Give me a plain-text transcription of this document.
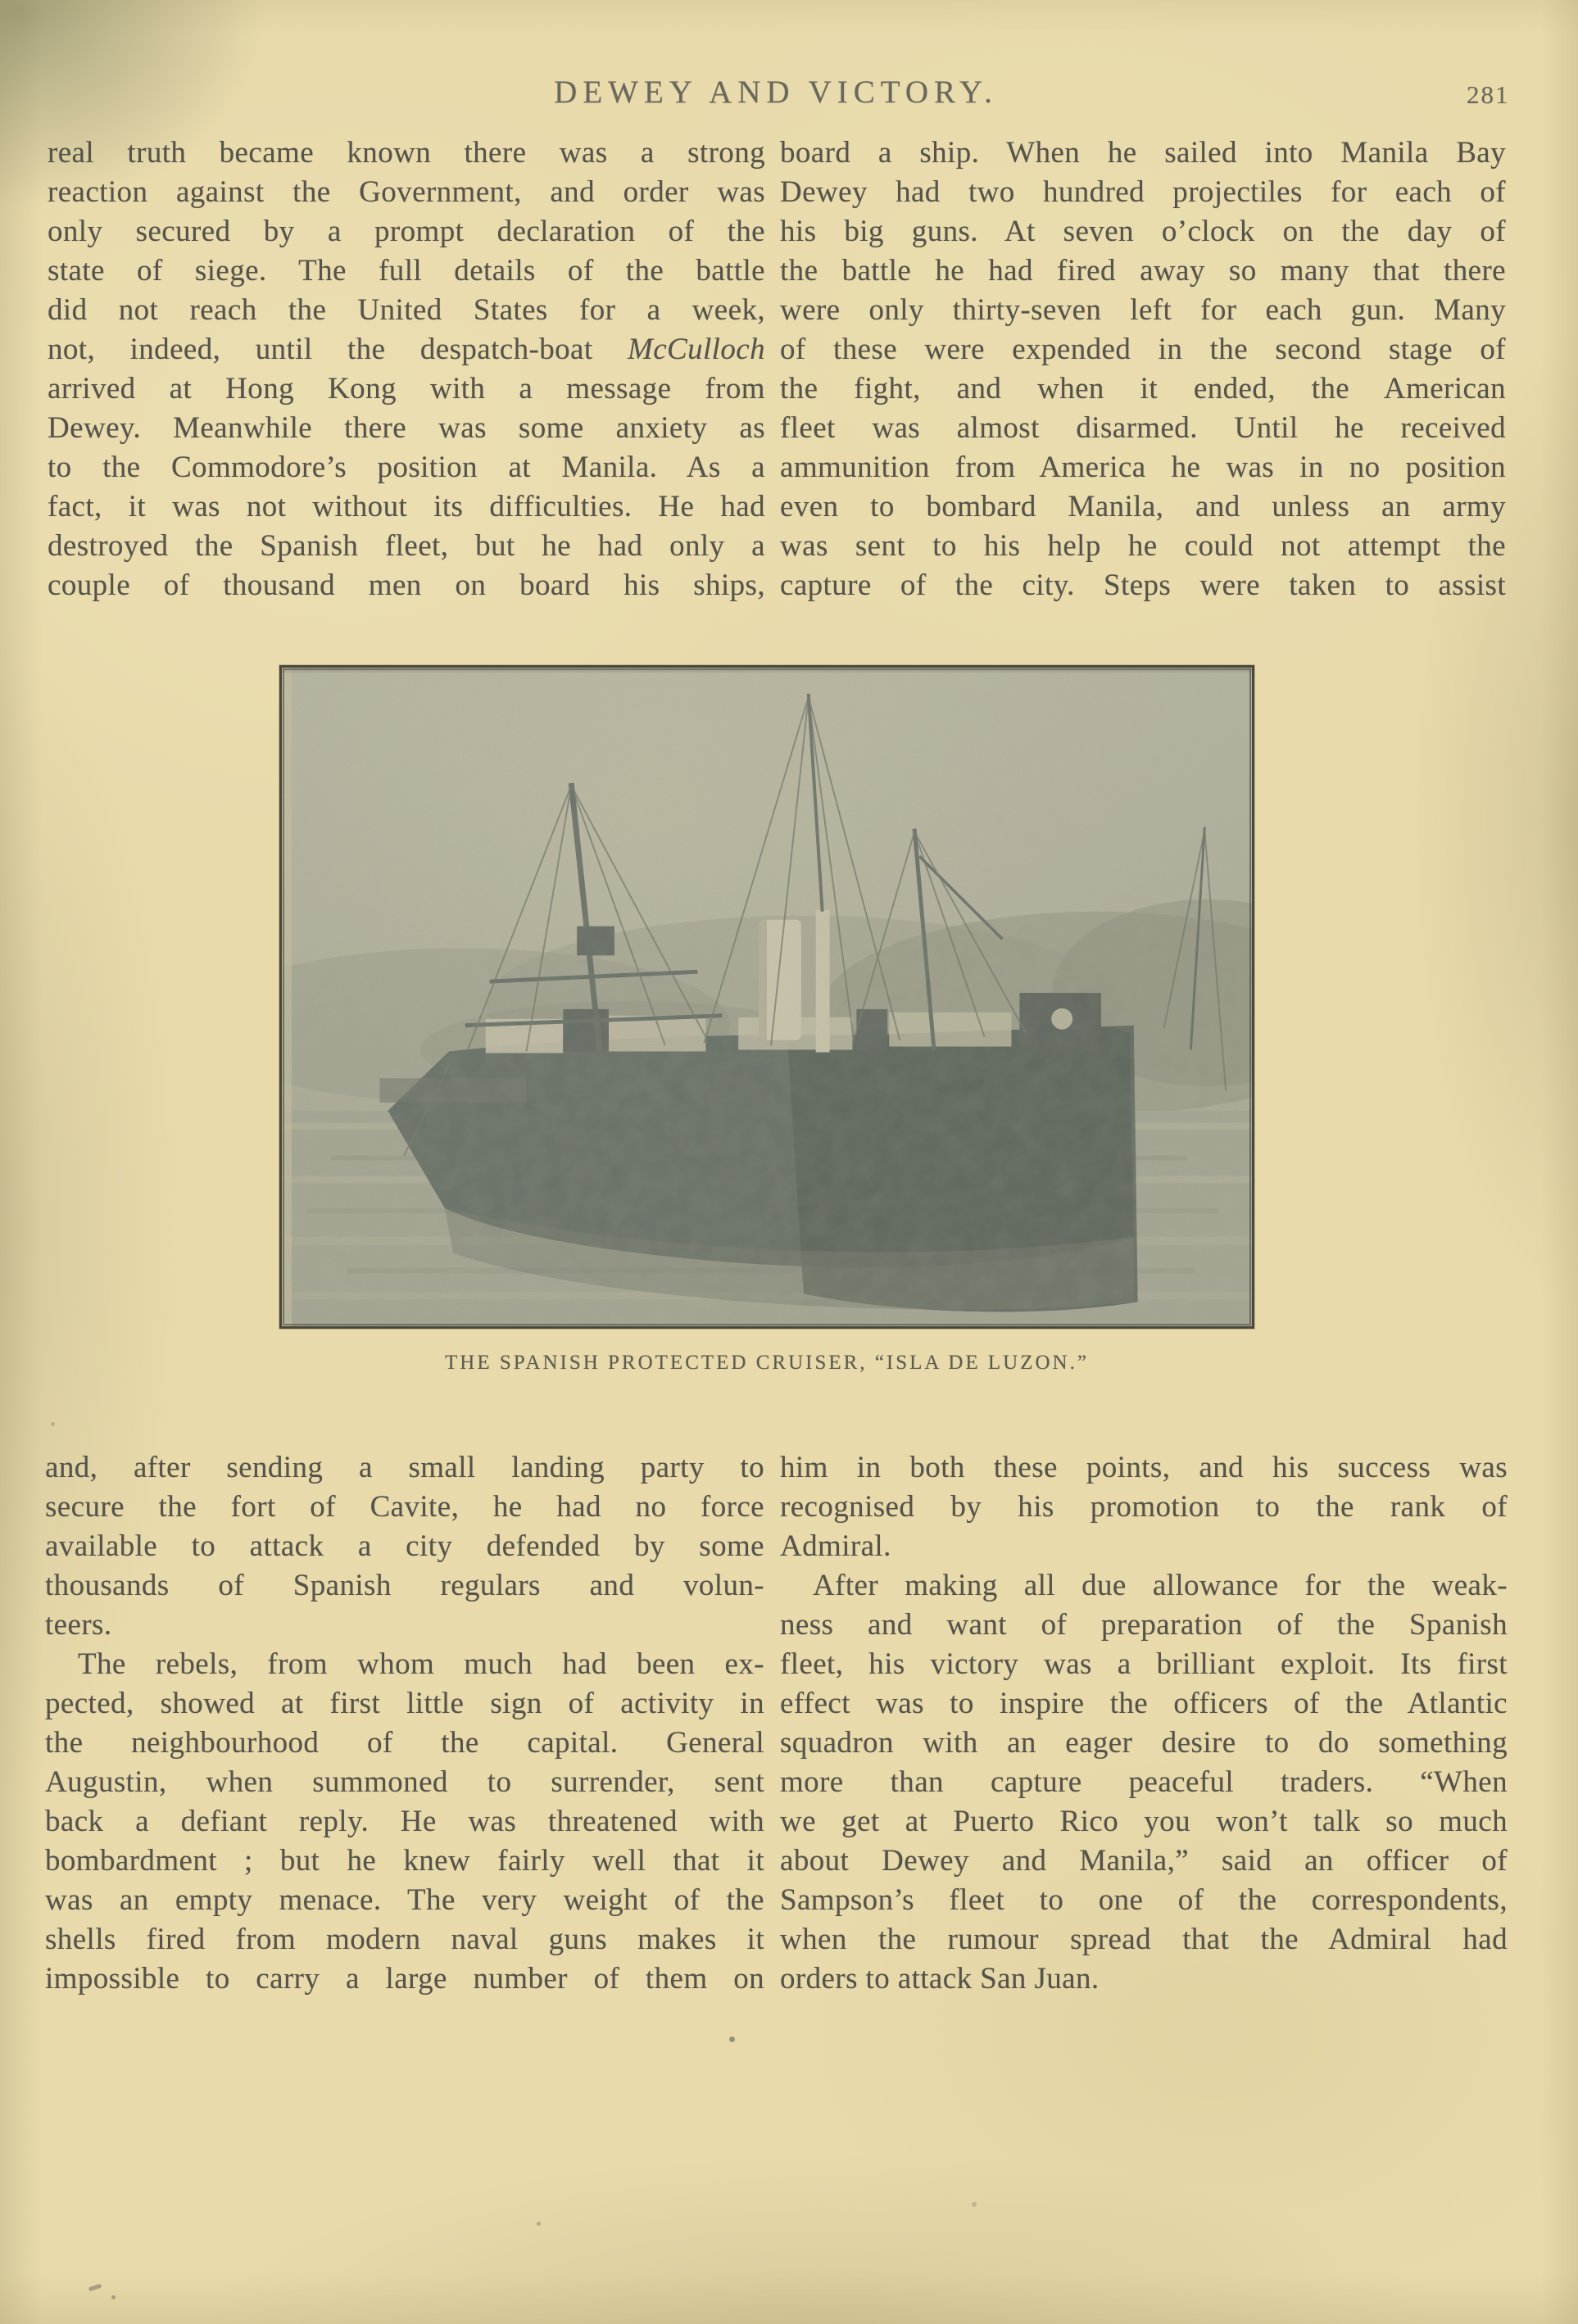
DEWEY AND VICTORY.	281
real truth became known there was a strong
reaction against the Government, and order was
only secured by a prompt declaration of the
state of siege. The full details of the battle
did not reach the United States for a week,
not, indeed, until the despatch-boat McCulloch
arrived at Hong Kong with a message from
Dewey. Meanwhile there was some anxiety as
to the Commodore’s position at Manila. As a
fact, it was not without its difficulties. He had
destroyed the Spanish fleet, but he had only a
couple of thousand men on board his ships,
board a ship. When he sailed into Manila Bay
Dewey had two hundred projectiles for each of
his big guns. At seven o’clock on the day of
the battle he had fired away so many that there
were only thirty-seven left for each gun. Many
of these were expended in the second stage of
the fight, and when it ended, the American
fleet was almost disarmed. Until he received
ammunition from America he was in no position
even to bombard Manila, and unless an army
was sent to his help he could not attempt the
capture of the city. Steps were taken to assist
THE SPANISH PROTECTED CRUISER, “ISLA DE LUZON.”
and, after sending a small landing party to
secure the fort of Cavite, he had no force
available to attack a city defended by some
thousands of Spanish regulars and volun-
teers.
The rebels, from whom much had been ex-
pected, showed at first little sign of activity in
the neighbourhood of the capital. General
Augustin, when summoned to surrender, sent
back a defiant reply. He was threatened with
bombardment ; but he knew fairly well that it
was an empty menace. The very weight of the
shells fired from modern naval guns makes it
impossible to carry a large number of them on
him in both these points, and his success was
recognised by his promotion to the rank of
Admiral.
After making all due allowance for the weak-
ness and want of preparation of the Spanish
fleet, his victory was a brilliant exploit. Its first
effect was to inspire the officers of the Atlantic
squadron with an eager desire to do something
more than capture peaceful traders. “When
we get at Puerto Rico you won’t talk so much
about Dewey and Manila,” said an officer of
Sampson’s fleet to one of the correspondents,
when the rumour spread that the Admiral had
orders to attack San Juan.
